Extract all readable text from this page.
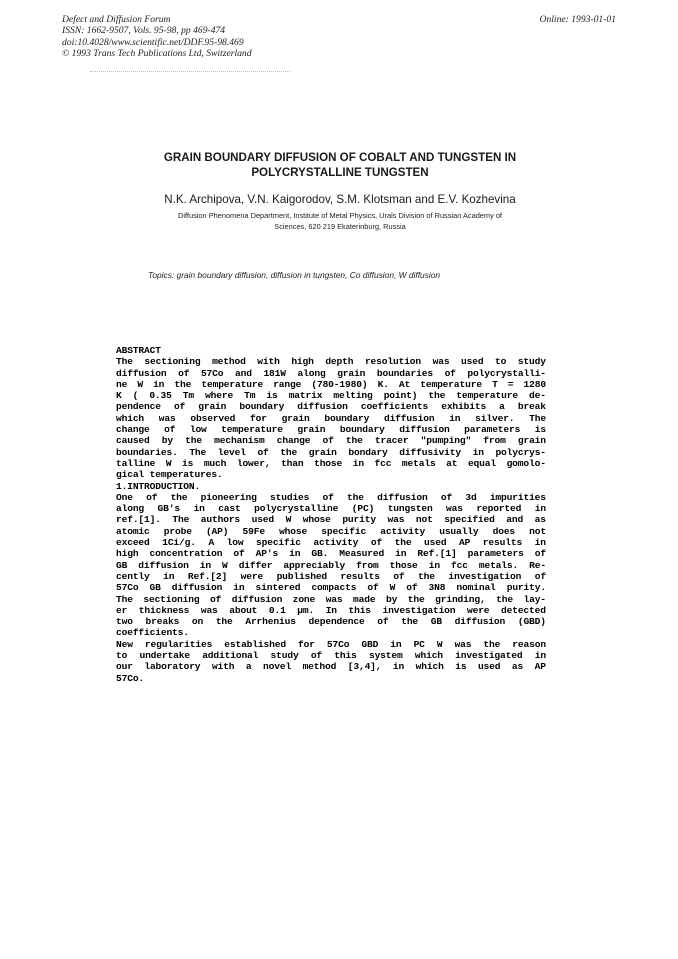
Defect and Diffusion Forum
ISSN: 1662-9507, Vols. 95-98, pp 469-474
doi:10.4028/www.scientific.net/DDF.95-98.469
© 1993 Trans Tech Publications Ltd, Switzerland
Online: 1993-01-01
GRAIN BOUNDARY DIFFUSION OF COBALT AND TUNGSTEN IN
POLYCRYSTALLINE TUNGSTEN
N.K. Archipova, V.N. Kaigorodov, S.M. Klotsman and E.V. Kozhevina
Diffusion Phenomena Department, Institute of Metal Physics, Urals Division of Russian Academy of
Sciences, 620 219 Ekaterinburg, Russia
Topics: grain boundary diffusion, diffusion in tungsten, Co diffusion, W diffusion
ABSTRACT
The sectioning method with high depth resolution was used to study
diffusion of 57Co and 181W along grain boundaries of polycrystalli-
ne W in the temperature range (780-1980) K. At temperature T = 1280
K ( 0.35 Tm where Tm is matrix melting point) the temperature de-
pendence of grain boundary diffusion coefficients exhibits a break
which was observed for grain boundary diffusion in silver. The
change of low temperature grain boundary diffusion parameters is
caused by the mechanism change of the tracer "pumping" from grain
boundaries. The level of the grain bondary diffusivity in polycrys-
talline W is much lower, than those in fcc metals at equal gomolo-
gical temperatures.
1.INTRODUCTION.
One of the pioneering studies of the diffusion of 3d impurities
along GB's in cast polycrystalline (PC) tungsten was reported in
ref.[1]. The authors used W whose purity was not specified and as
atomic probe (AP) 59Fe whose specific activity usually does not
exceed 1Ci/g. A low specific activity of the used AP results in
high concentration of AP's in GB. Measured in Ref.[1] parameters of
GB diffusion in W differ appreciably from those in fcc metals. Re-
cently in Ref.[2] were published results of the investigation of
57Co GB diffusion in sintered compacts of W of 3N8 nominal purity.
The sectioning of diffusion zone was made by the grinding, the lay-
er thickness was about 0.1 µm. In this investigation were detected
two breaks on the Arrhenius dependence of the GB diffusion (GBD)
coefficients.
New regularities established for 57Co GBD in PC W was the reason
to undertake additional study of this system which investigated in
our laboratory with a novel method [3,4], in which is used as AP
57Co.
